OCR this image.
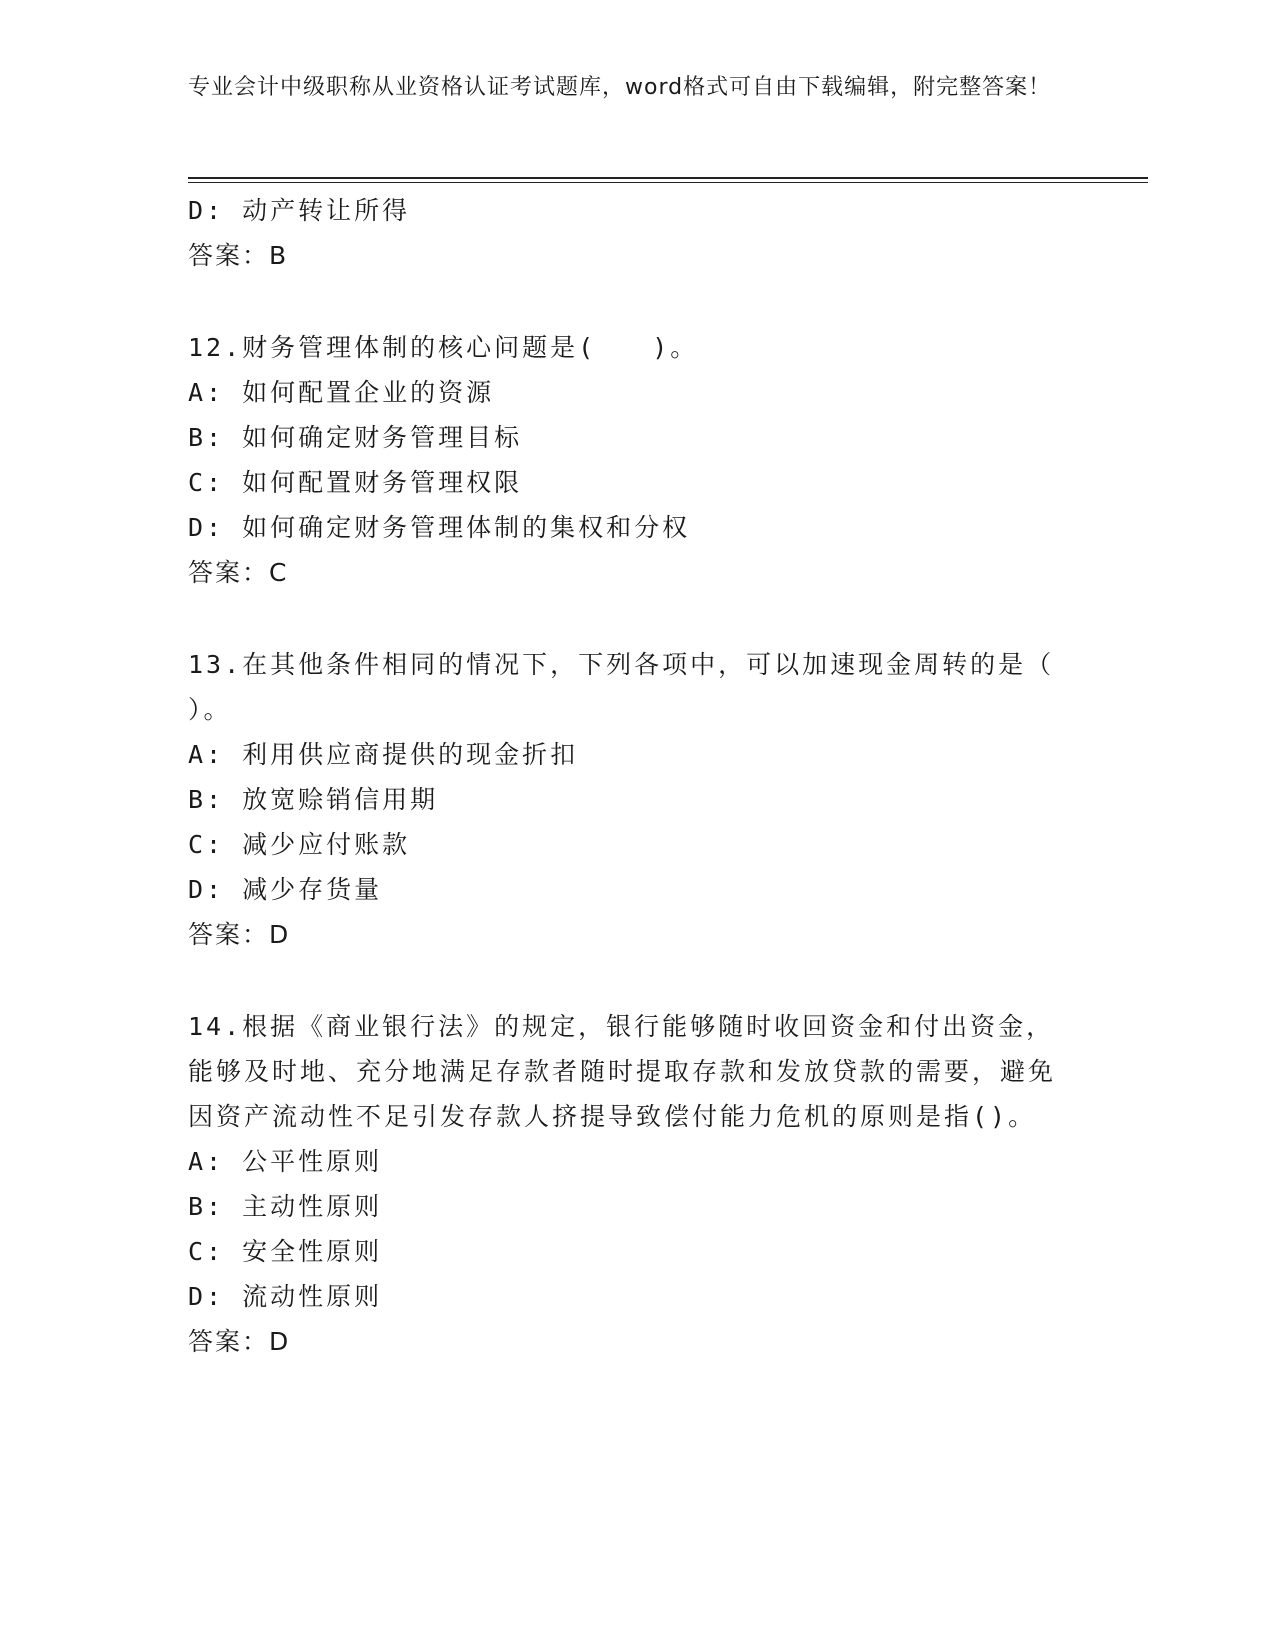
专业会计中级职称从业资格认证考试题库，word格式可自由下载编辑，附完整答案！
D: 动产转让所得
答案：B
12.财务管理体制的核心问题是(　　)。
A: 如何配置企业的资源
B: 如何确定财务管理目标
C: 如何配置财务管理权限
D: 如何确定财务管理体制的集权和分权
答案：C
13.在其他条件相同的情况下，下列各项中，可以加速现金周转的是（　　）。
A: 利用供应商提供的现金折扣
B: 放宽赊销信用期
C: 减少应付账款
D: 减少存货量
答案：D
14.根据《商业银行法》的规定，银行能够随时收回资金和付出资金，能够及时地、充分地满足存款者随时提取存款和发放贷款的需要，避免因资产流动性不足引发存款人挤提导致偿付能力危机的原则是指()。
A: 公平性原则
B: 主动性原则
C: 安全性原则
D: 流动性原则
答案：D
